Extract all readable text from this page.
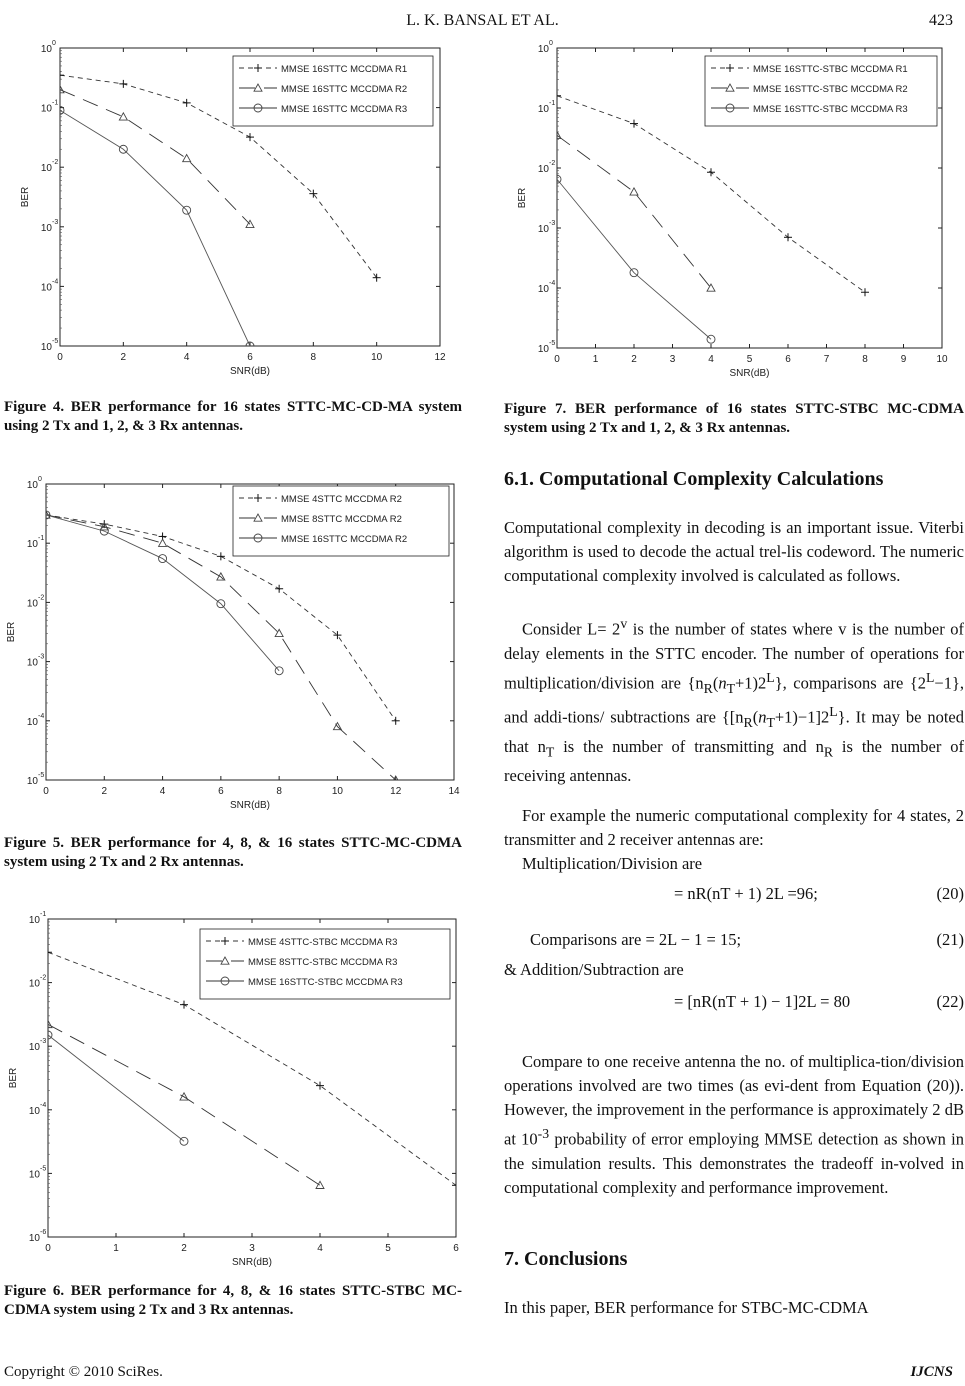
L. K. BANSAL ET AL.	423
0	2	4	6	8	10	12
10
0
10
-1
10
-2
10
-3
10
-4
10
-5
SNR(dB)
BER
MMSE 16STTC MCCDMA R1
MMSE 16STTC MCCDMA R2
MMSE 16STTC MCCDMA R3
Figure 4. BER performance for 16 states STTC-MC-CD-MA system using 2 Tx and 1, 2, & 3 Rx antennas.
0	2	4	6	8	10	12	14
10
0
10
-1
10
-2
10
-3
10
-4
10
-5
SNR(dB)
BER
MMSE 4STTC MCCDMA R2
MMSE 8STTC MCCDMA R2
MMSE 16STTC MCCDMA R2
Figure 5. BER performance for 4, 8, & 16 states STTC-MC-CDMA system using 2 Tx and 2 Rx antennas.
0	1	2	3	4	5	6
10
-1
10
-2
10
-3
10
-4
10
-5
10
-6
SNR(dB)
BER
MMSE 4STTC-STBC MCCDMA R3
MMSE 8STTC-STBC MCCDMA R3
MMSE 16STTC-STBC MCCDMA R3
Figure 6. BER performance for 4, 8, & 16 states STTC-STBC MC-CDMA system using 2 Tx and 3 Rx antennas.
0	1	2	3	4	5	6	7	8	9	10
10
0
10
-1
10
-2
10
-3
10
-4
10
-5
SNR(dB)
BER
MMSE 16STTC-STBC MCCDMA R1
MMSE 16STTC-STBC MCCDMA R2
MMSE 16STTC-STBC MCCDMA R3
Figure 7. BER performance of 16 states STTC-STBC MC-CDMA system using 2 Tx and 1, 2, & 3 Rx antennas.
6.1. Computational Complexity Calculations

Computational complexity in decoding is an important issue. Viterbi algorithm is used to decode the actual trel-lis codeword. The numeric computational complexity involved is calculated as follows.

Consider $L= 2^v$ is the number of states where v is the number of delay elements in the STTC encoder. The number of operations for multiplication/division are $\{n_R(n_T+1)2^L\}$, comparisons are $\{2^L-1\}$, and addi-tions/ subtractions are $\{[n_R(n_T+1)-1]2^L\}$. It may be noted that $n_T$ is the number of transmitting and $n_R$ is the number of receiving antennas.

For example the numeric computational complexity for 4 states, 2 transmitter and 2 receiver antennas are:

Multiplication/Division are

= nR(nT + 1) 2L =96;	(20)
Comparisons are = 2L − 1 = 15;	(21)

& Addition/Subtraction are

= [nR(nT + 1) − 1]2L = 80	(22)

Compare to one receive antenna the no. of multiplica-tion/division operations involved are two times (as evi-dent from Equation (20)). However, the improvement in the performance is approximately 2 dB at $10^{-3}$ probability of error employing MMSE detection as shown in the simulation results. This demonstrates the tradeoff in-volved in computational complexity and performance improvement.

7. Conclusions

In this paper, BER performance for STBC-MC-CDMA

Copyright © 2010 SciRes.	IJCNS
